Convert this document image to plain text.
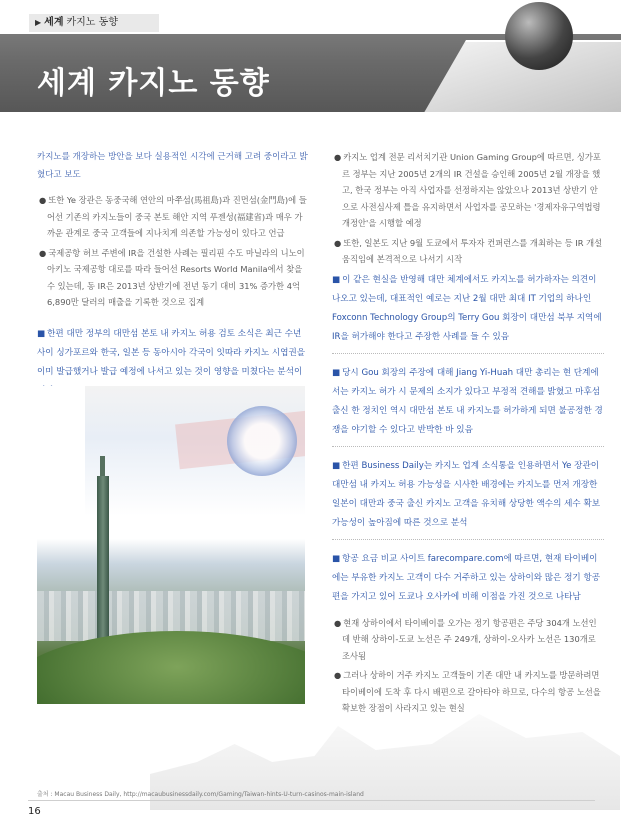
▶ 세계 카지노 동향
세계 카지노 동향
카지노를 개장하는 방안을 보다 실용적인 시각에 근거해 고려 중이라고 밝혔다고 보도
● 또한 Ye 장관은 동중국해 연안의 마쭈섬(馬祖島)과 진먼섬(金門島)에 들어선 기존의 카지노들이 중국 본토 해안 지역 푸젠성(福建省)과 매우 가까운 관계로 중국 고객들에 지나치게 의존할 가능성이 있다고 언급
● 국제공항 허브 주변에 IR을 건설한 사례는 필리핀 수도 마닐라의 니노이 아키노 국제공항 대로를 따라 들어선 Resorts World Manila에서 찾을 수 있는데, 동 IR은 2013년 상반기에 전년 동기 대비 31% 증가한 4억 6,890만 달러의 매출을 기록한 것으로 집계
■ 한편 대만 정부의 대만섬 본토 내 카지노 허용 검토 소식은 최근 수년 사이 싱가포르와 한국, 일본 등 동아시아 각국이 잇따라 카지노 시엽권을 이미 발급했거나 발급 예정에 나서고 있는 것이 영향을 미쳤다는 분석이
● 카지노 업계 전문 리서치기관 Union Gaming Group에 따르면, 싱가포르 정부는 지난 2005년 2개의 IR 건설을 승인해 2005년 2월 개장을 했고, 한국 정부는 아직 사업자를 선정하지는 않았으나 2013년 상반기 안으로 사전심사제 틀을 유지하면서 사업자를 공모하는 '경제자유구역법령 개정안'을 시행할 예정
● 또한, 일본도 지난 9월 도쿄에서 투자자 컨퍼런스를 개최하는 등 IR 개설 움직임에 본격적으로 나서기 시작
■ 이 같은 현실을 반영해 대만 체계에서도 카지노를 허가하자는 의견이 나오고 있는데, 대표적인 예로는 지난 2월 대만 최대 IT 기업의 하나인 Foxconn Technology Group의 Terry Gou 회장이 대만섬 북부 지역에 IR을 허가해야 한다고 주장한 사례를 들 수 있음
■ 당시 Gou 회장의 주장에 대해 Jiang Yi-Huah 대만 총리는 현 단계에서는 카지노 허가 시 문제의 소지가 있다고 부정적 견해를 밝혔고 마후섬 출신 한 정치인 역시 대만섬 본토 내 카지노를 허가하게 되면 불공정한 경쟁을 야기할 수 있다고 반박한 바 있음
■ 한편 Business Daily는 카지노 업계 소식통을 인용하면서 Ye 장관이 대만섬 내 카지노 허용 가능성을 시사한 배경에는 카지노를 먼저 개장한 일본이 대만과 중국 출신 카지노 고객을 유치해 상당한 액수의 세수 확보 가능성이 높아짐에 따른 것으로 분석
■ 항공 요금 비교 사이트 farecompare.com에 따르면, 현재 타이베이에는 부유한 카지노 고객이 다수 거주하고 있는 상하이와 많은 정기 항공편을 가지고 있어 도쿄나 오사카에 비해 이점을 가진 것으로 나타남
● 현재 상하이에서 타이베이를 오가는 정기 항공편은 주당 304개 노선인데 반해 상하이-도쿄 노선은 주 249개, 상하이-오사카 노선은 130개로 조사됨
● 그러나 상하이 거주 카지노 고객들이 기존 대만 내 카지노를 방문하려면 타이베이에 도착 후 다시 배편으로 갈아타야 하므로, 다수의 항공 노선을 확보한 장점이 사라지고 있는 현실
출처 : Macau Business Daily, http://macaubusinessdaily.com/Gaming/Taiwan-hints-U-turn-casinos-main-island
16
